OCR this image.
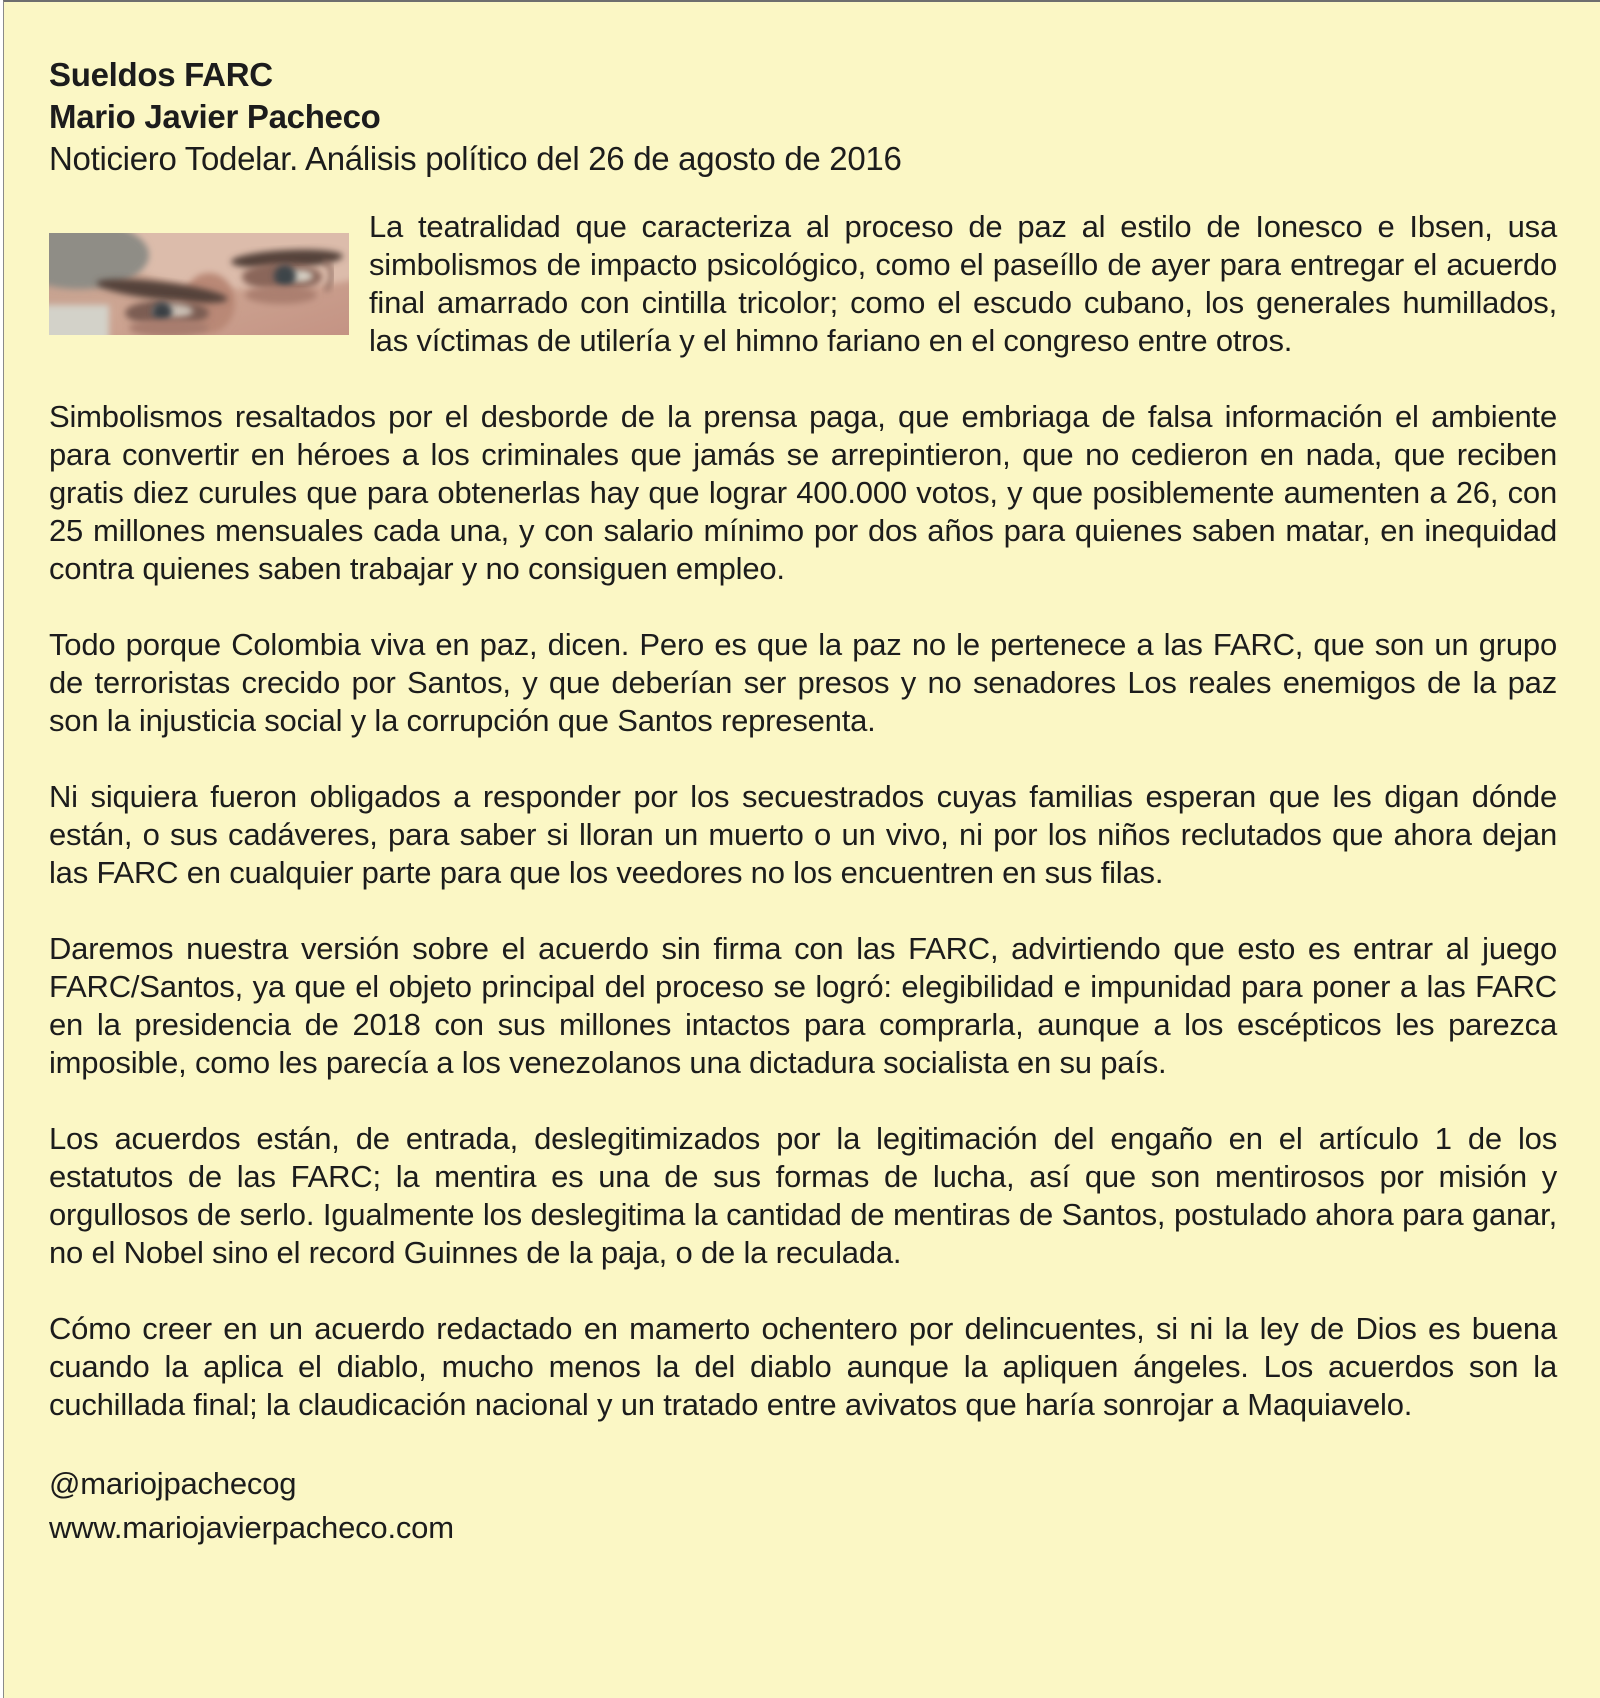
Sueldos FARC
Mario Javier Pacheco
Noticiero Todelar. Análisis político del 26 de agosto de 2016
La teatralidad que caracteriza al proceso de paz al estilo de Ionesco e Ibsen, usa simbolismos de impacto psicológico, como el paseíllo de ayer para entregar el acuerdo final amarrado con cintilla tricolor; como el escudo cubano, los generales humillados, las víctimas de utilería y el himno fariano en el congreso entre otros.
Simbolismos resaltados por el desborde de la prensa paga, que embriaga de falsa información el ambiente para convertir en héroes a los criminales que jamás se arrepintieron, que no cedieron en nada, que reciben gratis diez curules que para obtenerlas hay que lograr 400.000 votos, y que posiblemente aumenten a 26, con 25 millones mensuales cada una, y con salario mínimo por dos años para quienes saben matar, en inequidad contra quienes saben trabajar y no consiguen empleo.
Todo porque Colombia viva en paz, dicen. Pero es que la paz no le pertenece a las FARC, que son un grupo de terroristas crecido por Santos, y que deberían ser presos y no senadores Los reales enemigos de la paz son la injusticia social y la corrupción que Santos representa.
Ni siquiera fueron obligados a responder por los secuestrados cuyas familias esperan que les digan dónde están, o sus cadáveres, para saber si lloran un muerto o un vivo, ni por los niños reclutados que ahora dejan las FARC en cualquier parte para que los veedores no los encuentren en sus filas.
Daremos nuestra versión sobre el acuerdo sin firma con las FARC, advirtiendo que esto es entrar al juego FARC/Santos, ya que el objeto principal del proceso se logró: elegibilidad e impunidad para poner a las FARC en la presidencia de 2018 con sus millones intactos para comprarla, aunque a los escépticos les parezca imposible, como les parecía a los venezolanos una dictadura socialista en su país.
Los acuerdos están, de entrada, deslegitimizados por la legitimación del engaño en el artículo 1 de los estatutos de las FARC; la mentira es una de sus formas de lucha, así que son mentirosos por misión y orgullosos de serlo. Igualmente los deslegitima la cantidad de mentiras de Santos, postulado ahora para ganar, no el Nobel sino el record Guinnes de la paja, o de la reculada.
Cómo creer en un acuerdo redactado en mamerto ochentero por delincuentes, si ni la ley de Dios es buena cuando la aplica el diablo, mucho menos la del diablo aunque la apliquen ángeles. Los acuerdos son la cuchillada final; la claudicación nacional y un tratado entre avivatos que haría sonrojar a Maquiavelo.
@mariojpachecog
www.mariojavierpacheco.com
